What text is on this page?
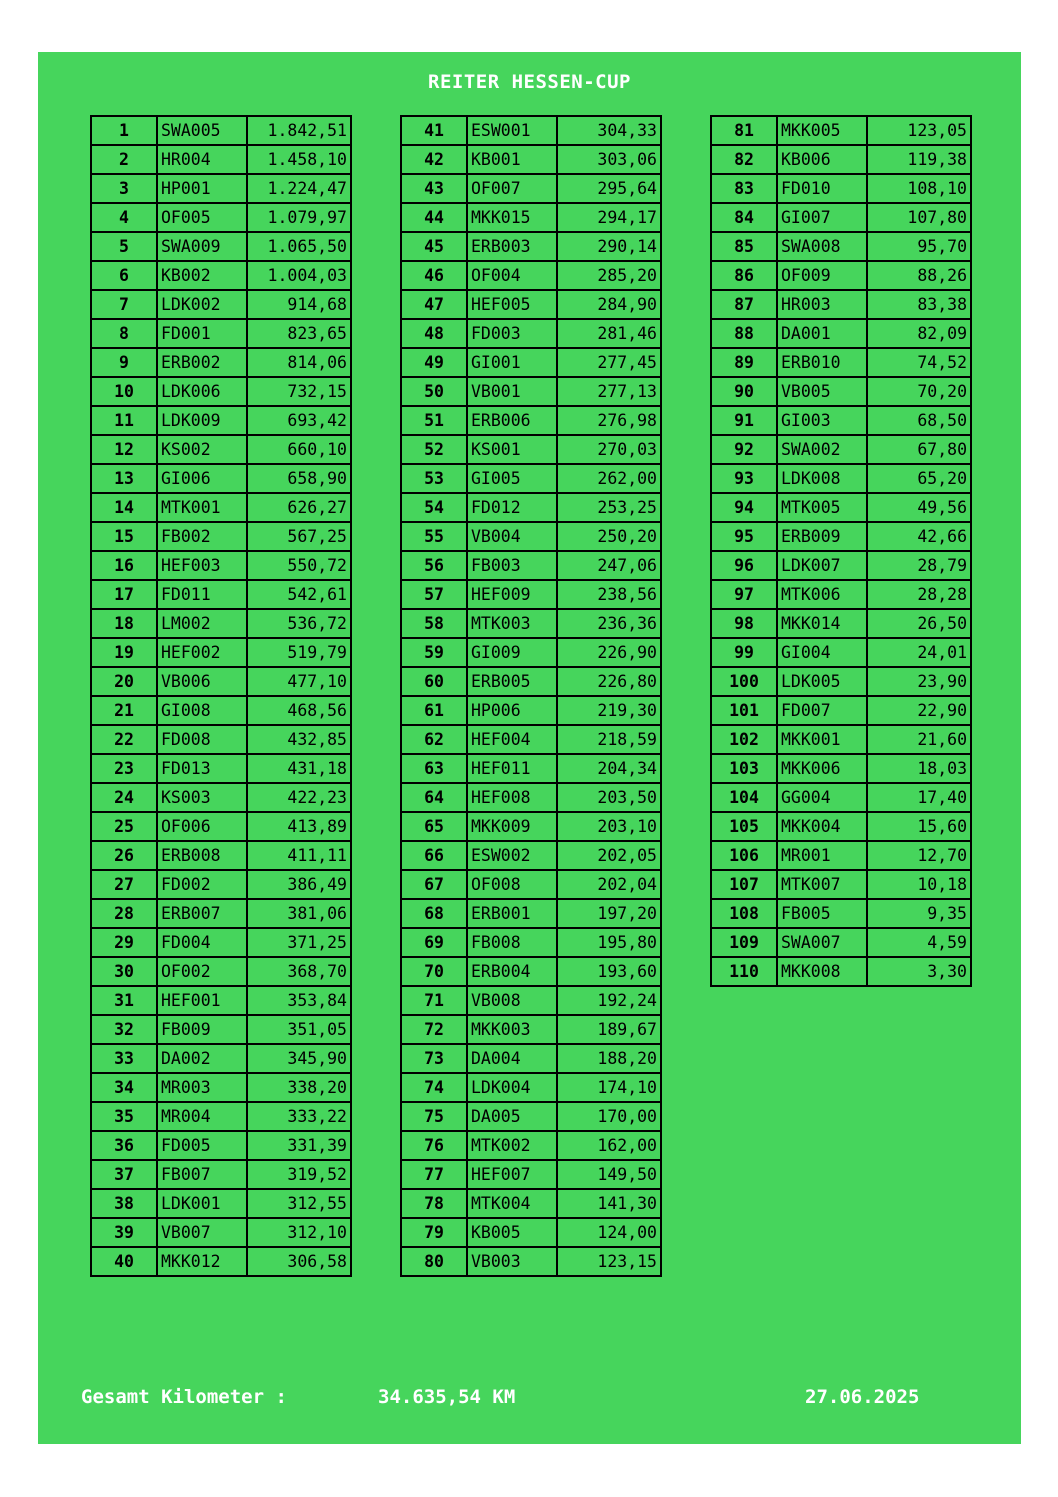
REITER HESSEN-CUP
1	SWA005	1.842,51
2	HR004	1.458,10
3	HP001	1.224,47
4	OF005	1.079,97
5	SWA009	1.065,50
6	KB002	1.004,03
7	LDK002	914,68
8	FD001	823,65
9	ERB002	814,06
10	LDK006	732,15
11	LDK009	693,42
12	KS002	660,10
13	GI006	658,90
14	MTK001	626,27
15	FB002	567,25
16	HEF003	550,72
17	FD011	542,61
18	LM002	536,72
19	HEF002	519,79
20	VB006	477,10
21	GI008	468,56
22	FD008	432,85
23	FD013	431,18
24	KS003	422,23
25	OF006	413,89
26	ERB008	411,11
27	FD002	386,49
28	ERB007	381,06
29	FD004	371,25
30	OF002	368,70
31	HEF001	353,84
32	FB009	351,05
33	DA002	345,90
34	MR003	338,20
35	MR004	333,22
36	FD005	331,39
37	FB007	319,52
38	LDK001	312,55
39	VB007	312,10
40	MKK012	306,58
41	ESW001	304,33
42	KB001	303,06
43	OF007	295,64
44	MKK015	294,17
45	ERB003	290,14
46	OF004	285,20
47	HEF005	284,90
48	FD003	281,46
49	GI001	277,45
50	VB001	277,13
51	ERB006	276,98
52	KS001	270,03
53	GI005	262,00
54	FD012	253,25
55	VB004	250,20
56	FB003	247,06
57	HEF009	238,56
58	MTK003	236,36
59	GI009	226,90
60	ERB005	226,80
61	HP006	219,30
62	HEF004	218,59
63	HEF011	204,34
64	HEF008	203,50
65	MKK009	203,10
66	ESW002	202,05
67	OF008	202,04
68	ERB001	197,20
69	FB008	195,80
70	ERB004	193,60
71	VB008	192,24
72	MKK003	189,67
73	DA004	188,20
74	LDK004	174,10
75	DA005	170,00
76	MTK002	162,00
77	HEF007	149,50
78	MTK004	141,30
79	KB005	124,00
80	VB003	123,15
81	MKK005	123,05
82	KB006	119,38
83	FD010	108,10
84	GI007	107,80
85	SWA008	95,70
86	OF009	88,26
87	HR003	83,38
88	DA001	82,09
89	ERB010	74,52
90	VB005	70,20
91	GI003	68,50
92	SWA002	67,80
93	LDK008	65,20
94	MTK005	49,56
95	ERB009	42,66
96	LDK007	28,79
97	MTK006	28,28
98	MKK014	26,50
99	GI004	24,01
100	LDK005	23,90
101	FD007	22,90
102	MKK001	21,60
103	MKK006	18,03
104	GG004	17,40
105	MKK004	15,60
106	MR001	12,70
107	MTK007	10,18
108	FB005	9,35
109	SWA007	4,59
110	MKK008	3,30
Gesamt Kilometer :	34.635,54 KM	27.06.2025
